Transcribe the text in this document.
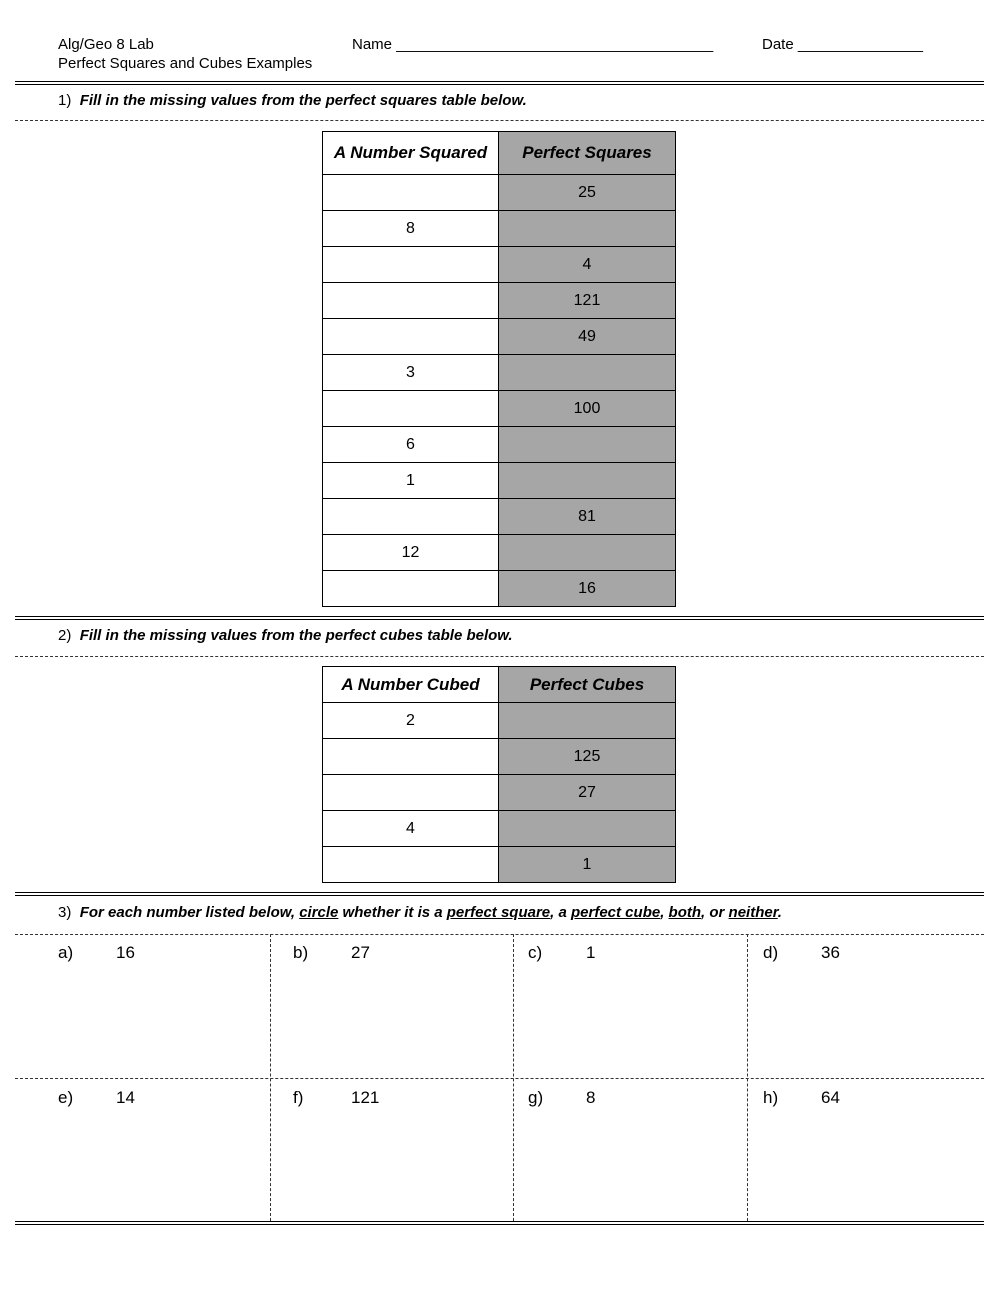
Alg/Geo 8 Lab
Perfect Squares and Cubes Examples
Name ______________________________________	Date _______________
1) Fill in the missing values from the perfect squares table below.
A Number Squared	Perfect Squares
	25
8	
	4
	121
	49
3	
	100
6	
1	
	81
12	
	16
2) Fill in the missing values from the perfect cubes table below.
A Number Cubed	Perfect Cubes
2	
	125
	27
4	
	1
3) For each number listed below, circle whether it is a perfect square, a perfect cube, both, or neither.
a)	16	b)	27	c)	1	d)	36
e)	14	f)	121	g)	8	h)	64
